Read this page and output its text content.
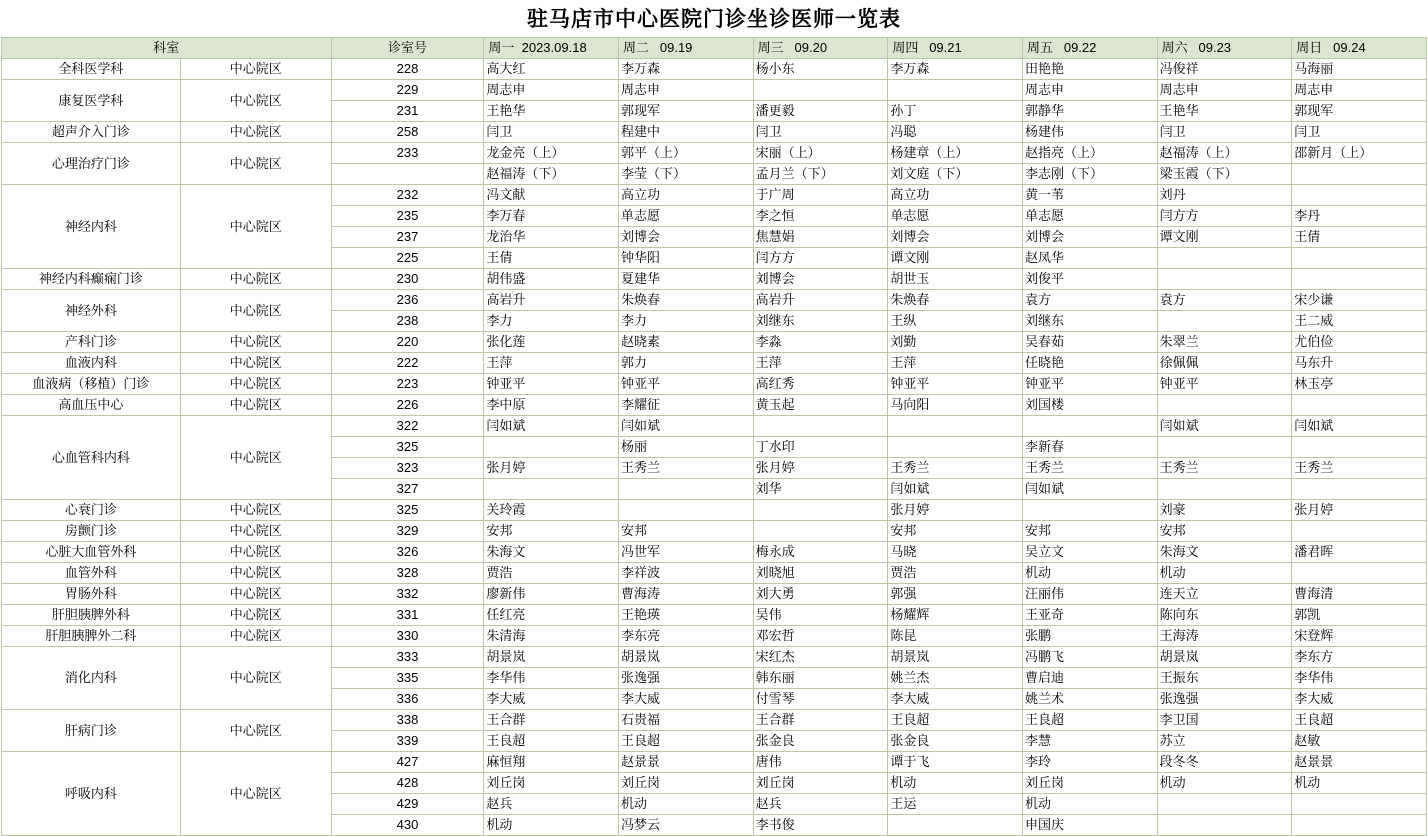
驻马店市中心医院门诊坐诊医师一览表
科室		诊室号	周一 2023.09.18	周二 09.19	周三 09.20	周四 09.21	周五 09.22	周六 09.23	周日 09.24
全科医学科	中心院区	228	高大红	李万森	杨小东	李万森	田艳艳	冯俊祥	马海丽
康复医学科	中心院区	229	周志申	周志申			周志申	周志申	周志申
		231	王艳华	郭现军	潘更毅	孙丁	郭静华	王艳华	郭现军
超声介入门诊	中心院区	258	闫卫	程建中	闫卫	冯聪	杨建伟	闫卫	闫卫
心理治疗门诊	中心院区	233	龙金亮（上）	郭平（上）	宋丽（上）	杨建章（上）	赵指亮（上）	赵福涛（上）	邵新月（上）
			赵福涛（下）	李莹（下）	孟月兰（下）	刘文庭（下）	李志刚（下）	梁玉霞（下）	
神经内科	中心院区	232	冯文献	高立功	于广周	高立功	黄一苇	刘丹	
		235	李万春	单志愿	李之恒	单志愿	单志愿	闫方方	李丹
		237	龙治华	刘博会	焦慧娟	刘博会	刘博会	谭文刚	王倩
		225	王倩	钟华阳	闫方方	谭文刚	赵凤华		
神经内科癫痫门诊	中心院区	230	胡伟盛	夏建华	刘博会	胡世玉	刘俊平		
神经外科	中心院区	236	高岩升	朱焕春	高岩升	朱焕春	袁方	袁方	宋少谦
		238	李力	李力	刘继东	王纵	刘继东		王二威
产科门诊	中心院区	220	张化莲	赵晓素	李淼	刘勤	吴春茹	朱翠兰	尤伯俭
血液内科	中心院区	222	王萍	郭力	王萍	王萍	任晓艳	徐佩佩	马东升
血液病（移植）门诊	中心院区	223	钟亚平	钟亚平	高红秀	钟亚平	钟亚平	钟亚平	林玉亭
高血压中心	中心院区	226	李中原	李耀征	黄玉起	马向阳	刘国楼		
心血管科内科	中心院区	322	闫如斌	闫如斌				闫如斌	闫如斌
		325		杨丽	丁水印		李新春		
		323	张月婷	王秀兰	张月婷	王秀兰	王秀兰	王秀兰	王秀兰
		327			刘华	闫如斌	闫如斌		
心衰门诊	中心院区	325	关玲霞			张月婷		刘豪	张月婷
房颤门诊	中心院区	329	安邦	安邦		安邦	安邦	安邦	
心脏大血管外科	中心院区	326	朱海文	冯世军	梅永成	马晓	吴立文	朱海文	潘君晖
血管外科	中心院区	328	贾浩	李祥波	刘晓旭	贾浩	机动	机动	
胃肠外科	中心院区	332	廖新伟	曹海涛	刘大勇	郭强	汪丽伟	连天立	曹海清
肝胆胰脾外科	中心院区	331	任红亮	王艳瑛	吴伟	杨耀辉	王亚奇	陈向东	郭凯
肝胆胰脾外二科	中心院区	330	朱清海	李东亮	邓宏哲	陈昆	张鹏	王海涛	宋登辉
消化内科	中心院区	333	胡景岚	胡景岚	宋红杰	胡景岚	冯鹏飞	胡景岚	李东方
		335	李华伟	张逸强	韩东丽	姚兰杰	曹启迪	王振东	李华伟
		336	李大威	李大威	付雪琴	李大威	姚兰术	张逸强	李大威
肝病门诊	中心院区	338	王合群	石贵福	王合群	王良超	王良超	李卫国	王良超
		339	王良超	王良超	张金良	张金良	李慧	苏立	赵敏
呼吸内科	中心院区	427	麻恒翔	赵景景	唐伟	谭于飞	李玲	段冬冬	赵景景
		428	刘丘岗	刘丘岗	刘丘岗	机动	刘丘岗	机动	机动
		429	赵兵	机动	赵兵	王运	机动		
		430	机动	冯梦云	李书俊		申国庆		
